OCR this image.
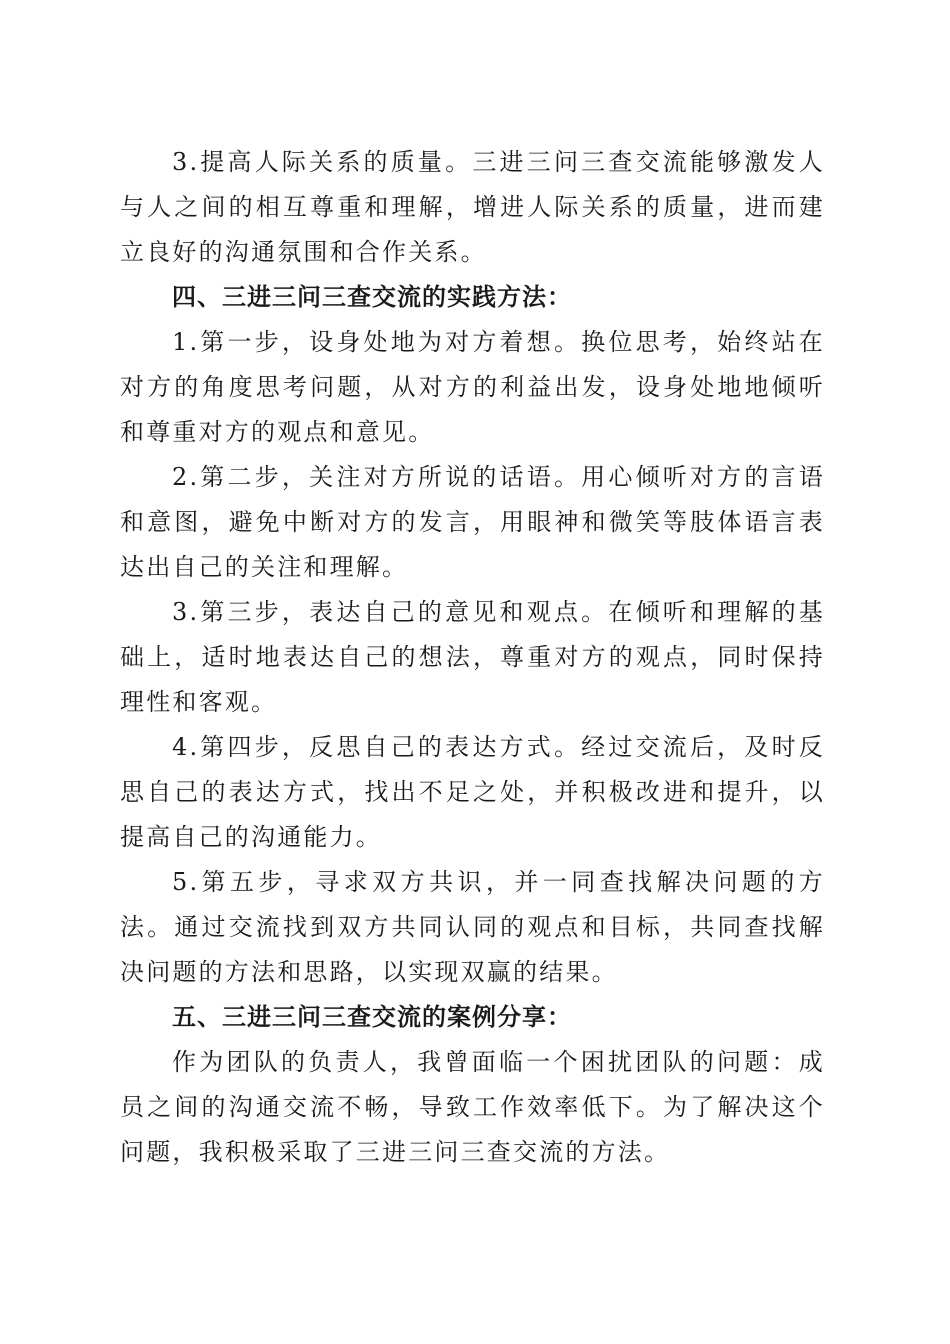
3.提高人际关系的质量。三进三问三查交流能够激发人与人之间的相互尊重和理解，增进人际关系的质量，进而建立良好的沟通氛围和合作关系。

四、三进三问三查交流的实践方法：

1.第一步，设身处地为对方着想。换位思考，始终站在对方的角度思考问题，从对方的利益出发，设身处地地倾听和尊重对方的观点和意见。

2.第二步，关注对方所说的话语。用心倾听对方的言语和意图，避免中断对方的发言，用眼神和微笑等肢体语言表达出自己的关注和理解。

3.第三步，表达自己的意见和观点。在倾听和理解的基础上，适时地表达自己的想法，尊重对方的观点，同时保持理性和客观。

4.第四步，反思自己的表达方式。经过交流后，及时反思自己的表达方式，找出不足之处，并积极改进和提升，以提高自己的沟通能力。

5.第五步，寻求双方共识，并一同查找解决问题的方法。通过交流找到双方共同认同的观点和目标，共同查找解决问题的方法和思路，以实现双赢的结果。

五、三进三问三查交流的案例分享：

作为团队的负责人，我曾面临一个困扰团队的问题：成员之间的沟通交流不畅，导致工作效率低下。为了解决这个问题，我积极采取了三进三问三查交流的方法。
